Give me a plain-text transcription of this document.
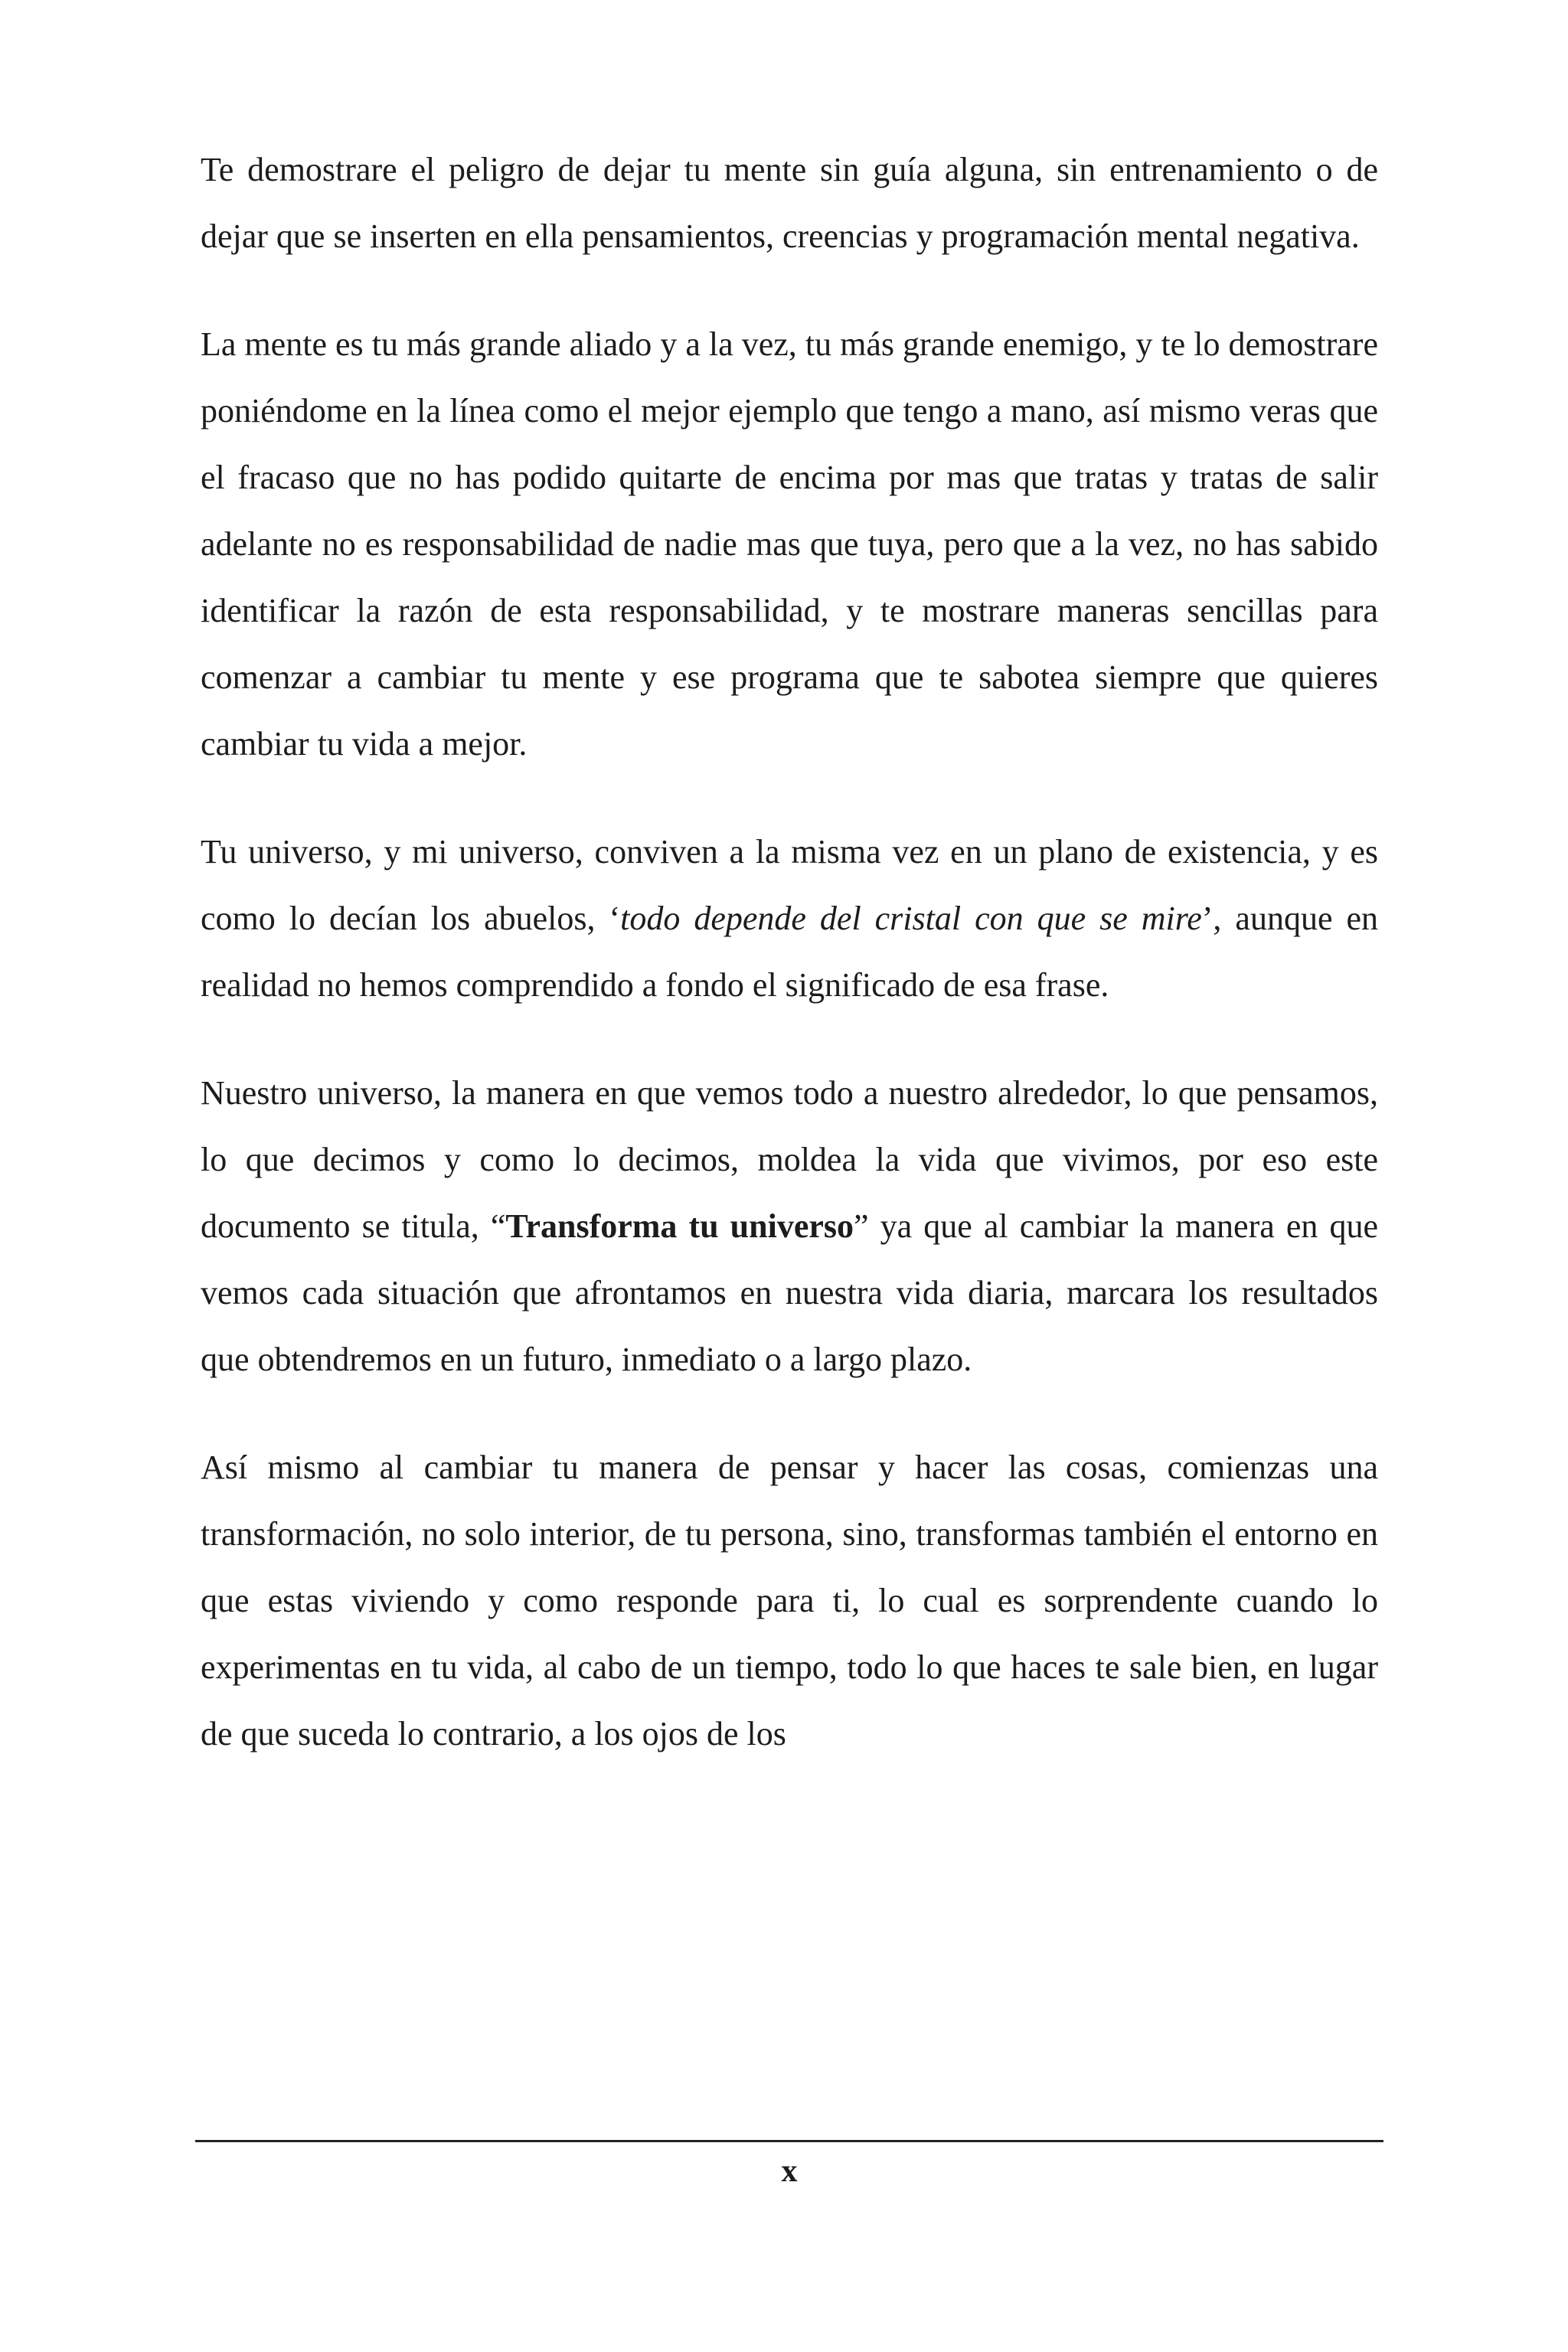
Te demostrare el peligro de dejar tu mente sin guía alguna, sin entrenamiento o de dejar que se inserten en ella pensamientos, creencias y programación mental negativa.

La mente es tu más grande aliado y a la vez, tu más grande enemigo, y te lo demostrare poniéndome en la línea como el mejor ejemplo que tengo a mano, así mismo veras que el fracaso que no has podido quitarte de encima por mas que tratas y tratas de salir adelante no es responsabilidad de nadie mas que tuya, pero que a la vez, no has sabido identificar la razón de esta responsabilidad, y te mostrare maneras sencillas para comenzar a cambiar tu mente y ese programa que te sabotea siempre que quieres cambiar tu vida a mejor.

Tu universo, y mi universo, conviven a la misma vez en un plano de existencia, y es como lo decían los abuelos, ‘todo depende del cristal con que se mire’, aunque en realidad no hemos comprendido a fondo el significado de esa frase.

Nuestro universo, la manera en que vemos todo a nuestro alrededor, lo que pensamos, lo que decimos y como lo decimos, moldea la vida que vivimos, por eso este documento se titula, “Transforma tu universo” ya que al cambiar la manera en que vemos cada situación que afrontamos en nuestra vida diaria, marcara los resultados que obtendremos en un futuro, inmediato o a largo plazo.

Así mismo al cambiar tu manera de pensar y hacer las cosas, comienzas una transformación, no solo interior, de tu persona, sino, transformas también el entorno en que estas viviendo y como responde para ti, lo cual es sorprendente cuando lo experimentas en tu vida, al cabo de un tiempo, todo lo que haces te sale bien, en lugar de que suceda lo contrario, a los ojos de los

x
